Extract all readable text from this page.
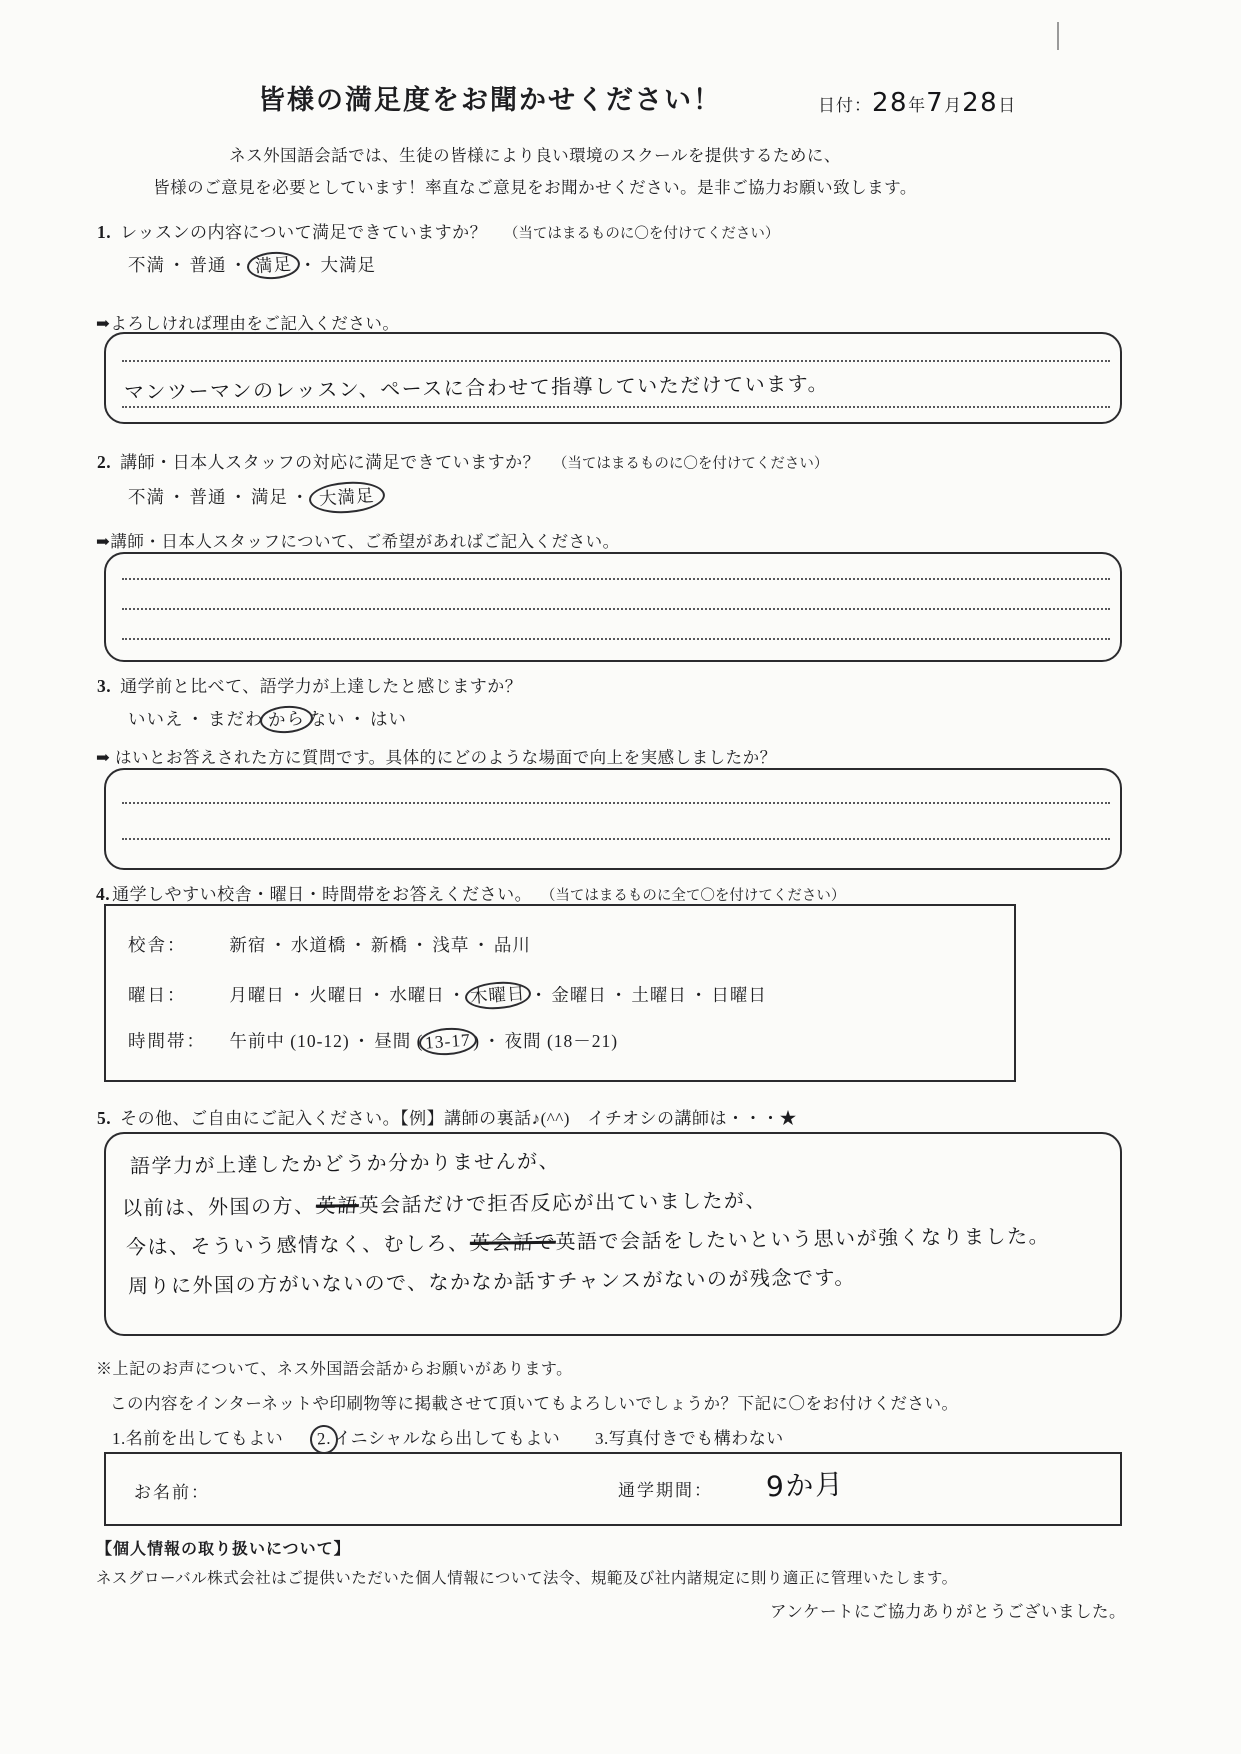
皆様の満足度をお聞かせください！	日付：28年7月28日
ネス外国語会話では、生徒の皆様により良い環境のスクールを提供するために、
皆様のご意見を必要としています！率直なご意見をお聞かせください。是非ご協力お願い致します。
1. レッスンの内容について満足できていますか？ （当てはまるものに〇を付けてください）
不満 ・ 普通 ・ 満足 ・ 大満足
➡よろしければ理由をご記入ください。
マンツーマンのレッスン、ペースに合わせて指導していただけています。
2. 講師・日本人スタッフの対応に満足できていますか？ （当てはまるものに〇を付けてください）
不満 ・ 普通 ・ 満足 ・ 大満足
➡講師・日本人スタッフについて、ご希望があればご記入ください。
3. 通学前と比べて、語学力が上達したと感じますか？
いいえ ・ まだわ から ない ・ はい
➡ はいとお答えされた方に質問です。具体的にどのような場面で向上を実感しましたか？
4. 通学しやすい校舎・曜日・時間帯をお答えください。 （当てはまるものに全て〇を付けてください）
校舎： 新宿 ・ 水道橋 ・ 新橋 ・ 浅草 ・ 品川
曜日： 月曜日 ・ 火曜日 ・ 水曜日 ・ 木曜日 ・ 金曜日 ・ 土曜日 ・ 日曜日
時間帯： 午前中 (10-12) ・ 昼間 (13-17) ・ 夜間 (18－21)
5. その他、ご自由にご記入ください。【例】講師の裏話♪(^^)　イチオシの講師は・・・★
語学力が上達したかどうか分かりませんが、
以前は、外国の方、英語英会話だけで拒否反応が出ていましたが、
今は、そういう感情なく、むしろ、英会話で英語で会話をしたいという思いが強くなりました。
周りに外国の方がいないので、なかなか話すチャンスがないのが残念です。
※上記のお声について、ネス外国語会話からお願いがあります。
この内容をインターネットや印刷物等に掲載させて頂いてもよろしいでしょうか？下記に〇をお付けください。
1.名前を出してもよい 2. イニシャルなら出してもよい 3.写真付きでも構わない
お名前：	通学期間： 9か月
【個人情報の取り扱いについて】
ネスグローバル株式会社はご提供いただいた個人情報について法令、規範及び社内諸規定に則り適正に管理いたします。
アンケートにご協力ありがとうございました。
